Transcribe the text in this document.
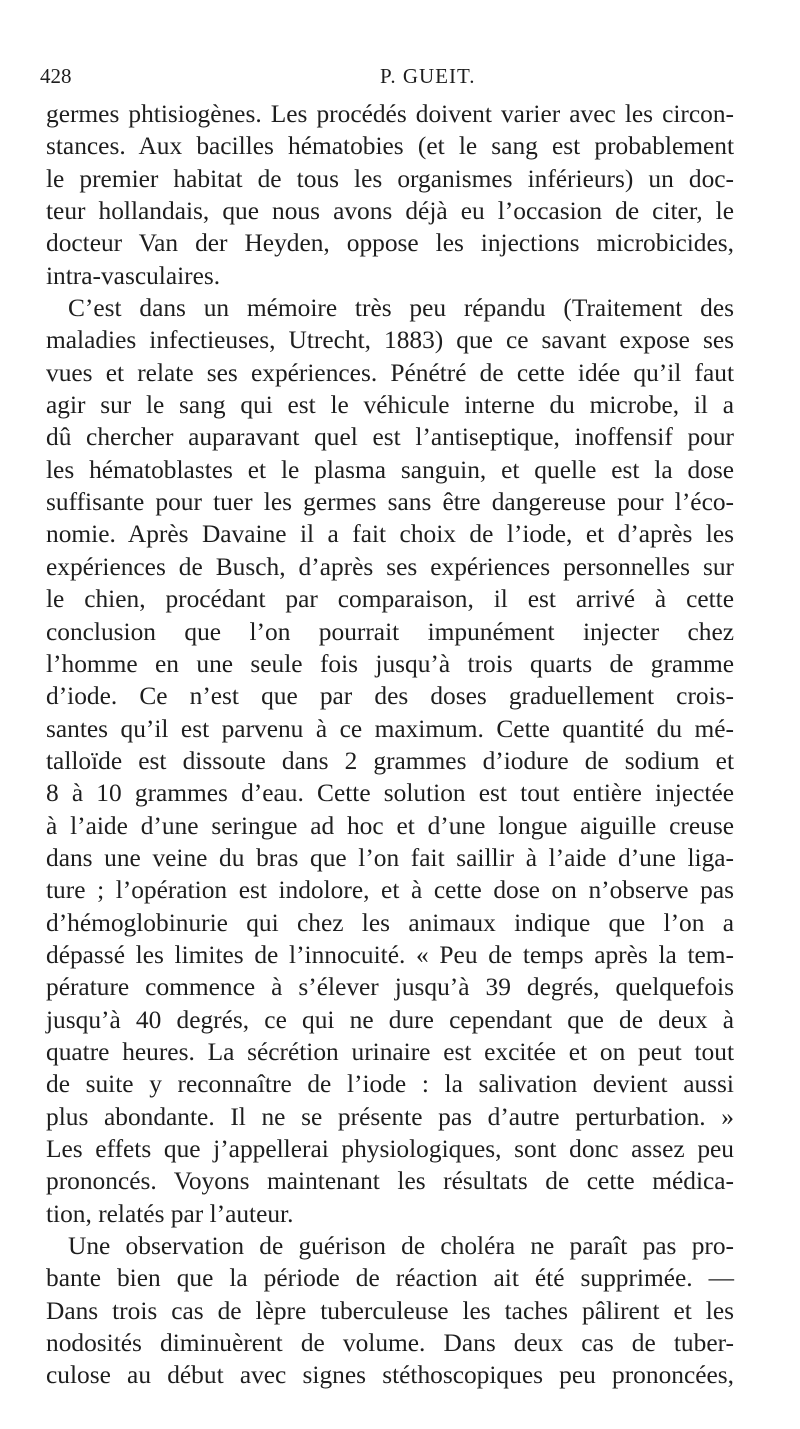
428	P. GUEIT.
germes phtisiogènes. Les procédés doivent varier avec les circon-
stances. Aux bacilles hématobies (et le sang est probablement
le premier habitat de tous les organismes inférieurs) un doc-
teur hollandais, que nous avons déjà eu l’occasion de citer, le
docteur Van der Heyden, oppose les injections microbicides,
intra-vasculaires.
C’est dans un mémoire très peu répandu (Traitement des
maladies infectieuses, Utrecht, 1883) que ce savant expose ses
vues et relate ses expériences. Pénétré de cette idée qu’il faut
agir sur le sang qui est le véhicule interne du microbe, il a
dû chercher auparavant quel est l’antiseptique, inoffensif pour
les hématoblastes et le plasma sanguin, et quelle est la dose
suffisante pour tuer les germes sans être dangereuse pour l’éco-
nomie. Après Davaine il a fait choix de l’iode, et d’après les
expériences de Busch, d’après ses expériences personnelles sur
le chien, procédant par comparaison, il est arrivé à cette
conclusion que l’on pourrait impunément injecter chez
l’homme en une seule fois jusqu’à trois quarts de gramme
d’iode. Ce n’est que par des doses graduellement crois-
santes qu’il est parvenu à ce maximum. Cette quantité du mé-
talloïde est dissoute dans 2 grammes d’iodure de sodium et
8 à 10 grammes d’eau. Cette solution est tout entière injectée
à l’aide d’une seringue ad hoc et d’une longue aiguille creuse
dans une veine du bras que l’on fait saillir à l’aide d’une liga-
ture ; l’opération est indolore, et à cette dose on n’observe pas
d’hémoglobinurie qui chez les animaux indique que l’on a
dépassé les limites de l’innocuité. « Peu de temps après la tem-
pérature commence à s’élever jusqu’à 39 degrés, quelquefois
jusqu’à 40 degrés, ce qui ne dure cependant que de deux à
quatre heures. La sécrétion urinaire est excitée et on peut tout
de suite y reconnaître de l’iode : la salivation devient aussi
plus abondante. Il ne se présente pas d’autre perturbation. »
Les effets que j’appellerai physiologiques, sont donc assez peu
prononcés. Voyons maintenant les résultats de cette médica-
tion, relatés par l’auteur.
Une observation de guérison de choléra ne paraît pas pro-
bante bien que la période de réaction ait été supprimée. —
Dans trois cas de lèpre tuberculeuse les taches pâlirent et les
nodosités diminuèrent de volume. Dans deux cas de tuber-
culose au début avec signes stéthoscopiques peu prononcées,
